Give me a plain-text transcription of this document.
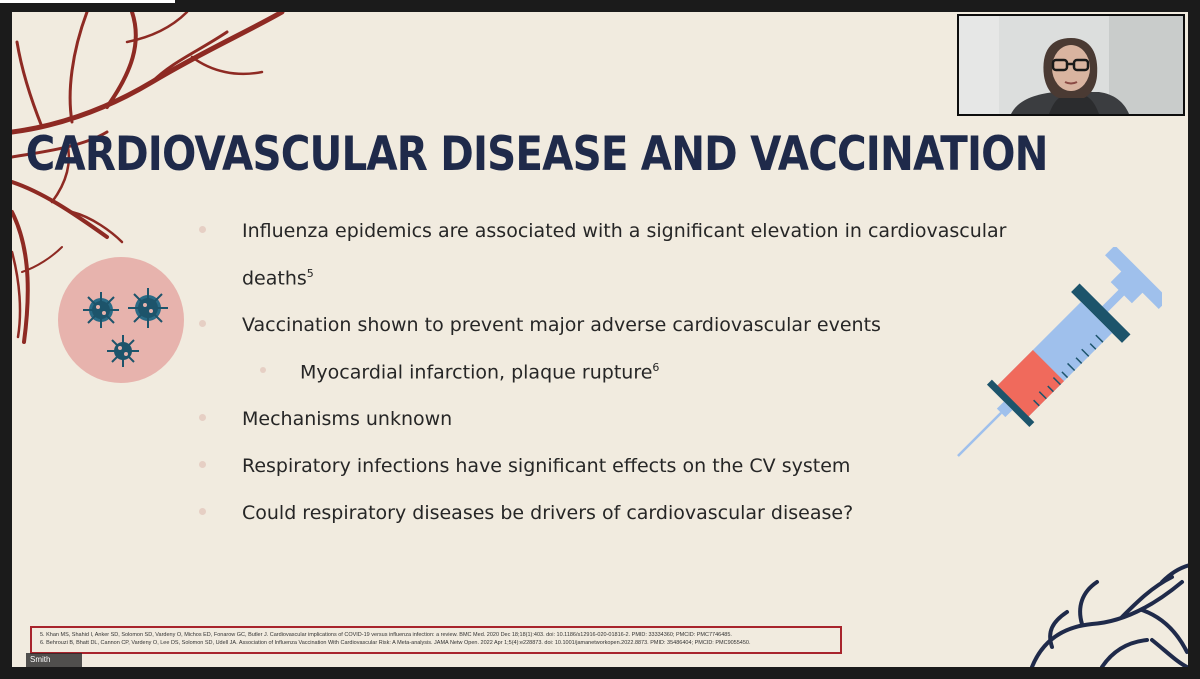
CARDIOVASCULAR DISEASE AND VACCINATION
Influenza epidemics are associated with a significant elevation in cardiovascular
deaths$^5$
Vaccination shown to prevent major adverse cardiovascular events
Myocardial infarction, plaque rupture$^6$
Mechanisms unknown
Respiratory infections have significant effects on the CV system
Could respiratory diseases be drivers of cardiovascular disease?
5. Khan MS, Shahid I, Anker SD, Solomon SD, Vardeny O, Michos ED, Fonarow GC, Butler J. Cardiovascular implications of COVID-19 versus influenza infection: a review. BMC Med. 2020 Dec 18;18(1):403. doi: 10.1186/s12916-020-01816-2. PMID: 33334360; PMCID: PMC7746485.
6. Behrouzi B, Bhatt DL, Cannon CP, Vardeny O, Lee DS, Solomon SD, Udell JA. Association of Influenza Vaccination With Cardiovascular Risk: A Meta-analysis. JAMA Netw Open. 2022 Apr 1;5(4):e228873. doi: 10.1001/jamanetworkopen.2022.8873. PMID: 35486404; PMCID: PMC9055450.
Smith
